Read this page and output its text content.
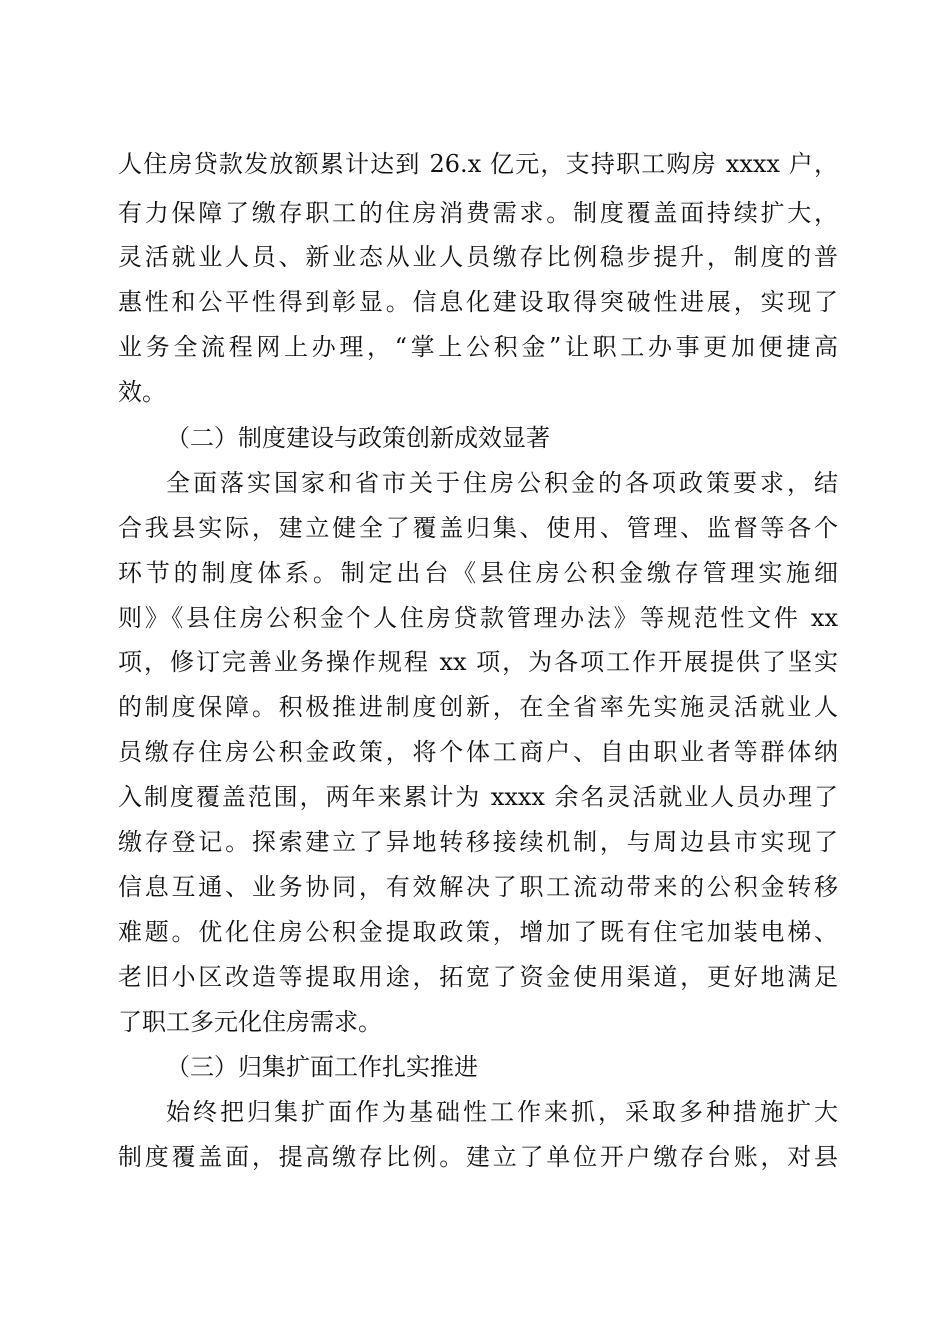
人住房贷款发放额累计达到 26.x 亿元，支持职工购房 xxxx 户，
有力保障了缴存职工的住房消费需求。制度覆盖面持续扩大，
灵活就业人员、新业态从业人员缴存比例稳步提升，制度的普
惠性和公平性得到彰显。信息化建设取得突破性进展，实现了
业务全流程网上办理，“掌上公积金”让职工办事更加便捷高
效。
（二）制度建设与政策创新成效显著
全面落实国家和省市关于住房公积金的各项政策要求，结
合我县实际，建立健全了覆盖归集、使用、管理、监督等各个
环节的制度体系。制定出台《县住房公积金缴存管理实施细
则》《县住房公积金个人住房贷款管理办法》等规范性文件 xx
项，修订完善业务操作规程 xx 项，为各项工作开展提供了坚实
的制度保障。积极推进制度创新，在全省率先实施灵活就业人
员缴存住房公积金政策，将个体工商户、自由职业者等群体纳
入制度覆盖范围，两年来累计为 xxxx 余名灵活就业人员办理了
缴存登记。探索建立了异地转移接续机制，与周边县市实现了
信息互通、业务协同，有效解决了职工流动带来的公积金转移
难题。优化住房公积金提取政策，增加了既有住宅加装电梯、
老旧小区改造等提取用途，拓宽了资金使用渠道，更好地满足
了职工多元化住房需求。
（三）归集扩面工作扎实推进
始终把归集扩面作为基础性工作来抓，采取多种措施扩大
制度覆盖面，提高缴存比例。建立了单位开户缴存台账，对县
